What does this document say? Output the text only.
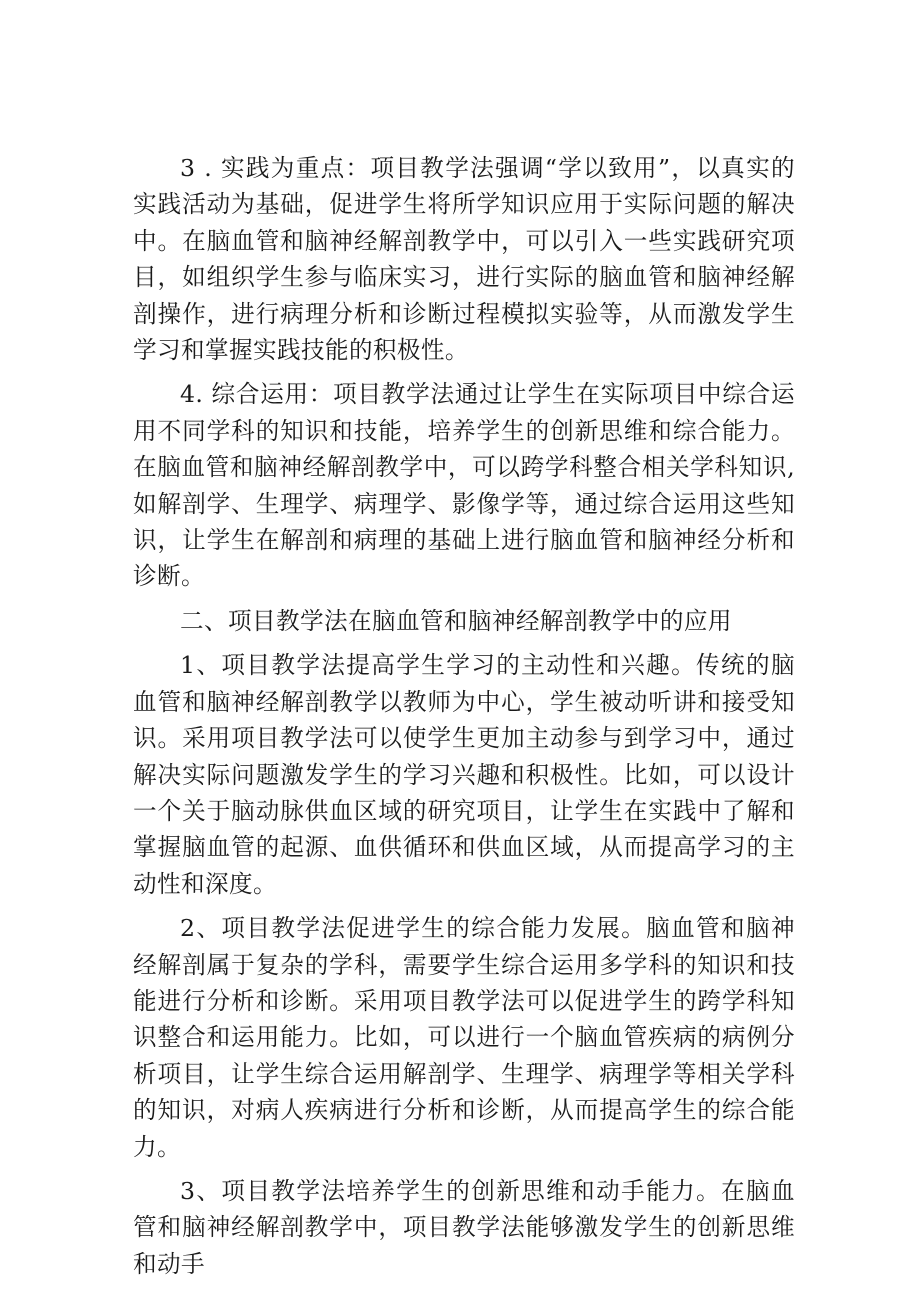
3 . 实践为重点：项目教学法强调“学以致用”，以真实的实践活动为基础，促进学生将所学知识应用于实际问题的解决中。在脑血管和脑神经解剖教学中，可以引入一些实践研究项目，如组织学生参与临床实习，进行实际的脑血管和脑神经解剖操作，进行病理分析和诊断过程模拟实验等，从而激发学生学习和掌握实践技能的积极性。

4. 综合运用：项目教学法通过让学生在实际项目中综合运用不同学科的知识和技能，培养学生的创新思维和综合能力。在脑血管和脑神经解剖教学中，可以跨学科整合相关学科知识,如解剖学、生理学、病理学、影像学等，通过综合运用这些知识，让学生在解剖和病理的基础上进行脑血管和脑神经分析和诊断。

二、项目教学法在脑血管和脑神经解剖教学中的应用

1、项目教学法提高学生学习的主动性和兴趣。传统的脑血管和脑神经解剖教学以教师为中心，学生被动听讲和接受知识。采用项目教学法可以使学生更加主动参与到学习中，通过解决实际问题激发学生的学习兴趣和积极性。比如，可以设计一个关于脑动脉供血区域的研究项目，让学生在实践中了解和掌握脑血管的起源、血供循环和供血区域，从而提高学习的主动性和深度。

2、项目教学法促进学生的综合能力发展。脑血管和脑神经解剖属于复杂的学科，需要学生综合运用多学科的知识和技能进行分析和诊断。采用项目教学法可以促进学生的跨学科知识整合和运用能力。比如，可以进行一个脑血管疾病的病例分析项目，让学生综合运用解剖学、生理学、病理学等相关学科的知识，对病人疾病进行分析和诊断，从而提高学生的综合能力。

3、项目教学法培养学生的创新思维和动手能力。在脑血管和脑神经解剖教学中，项目教学法能够激发学生的创新思维和动手
